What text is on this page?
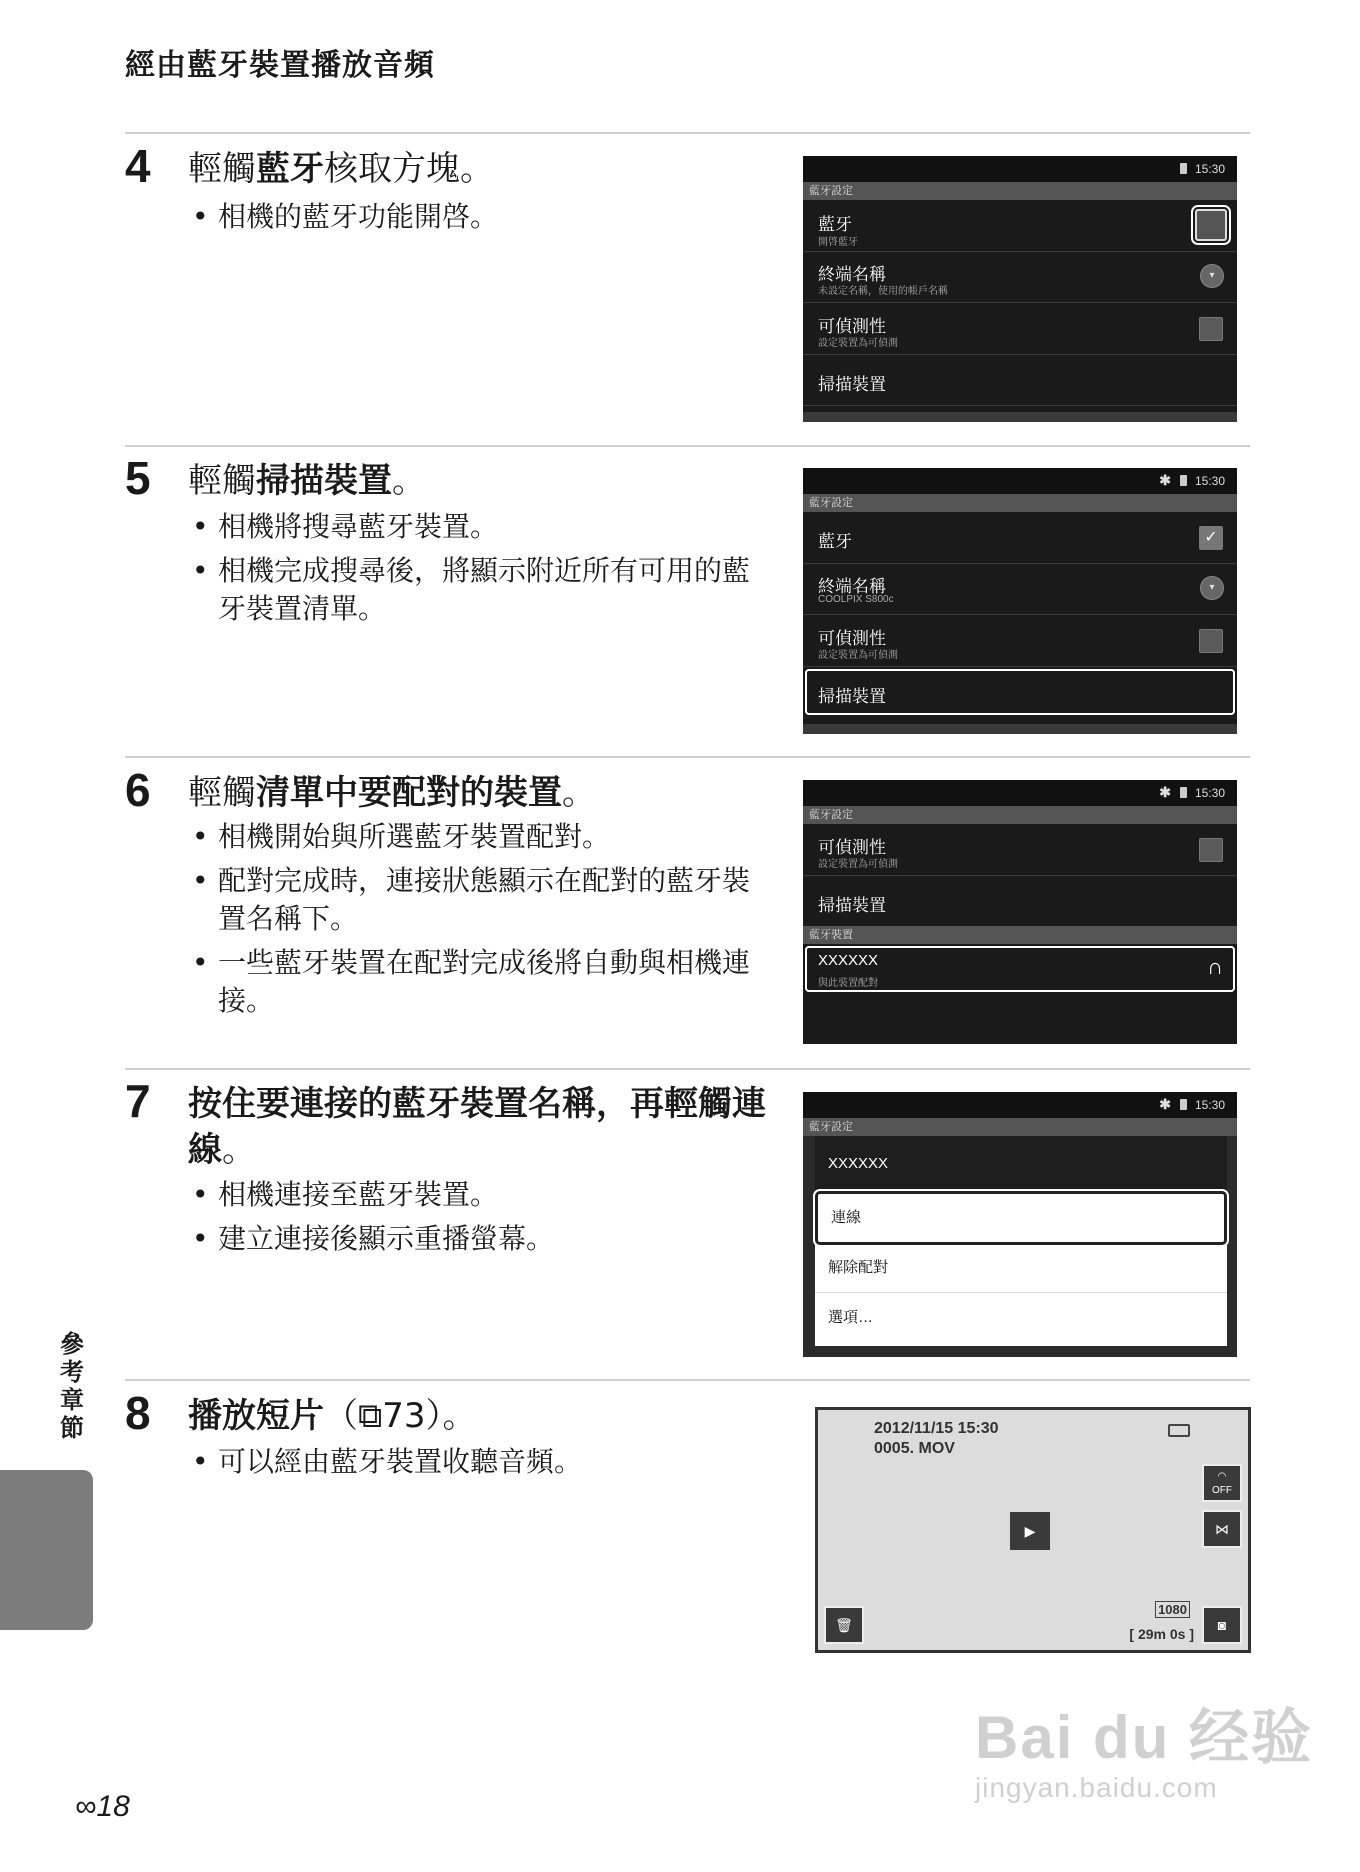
經由藍牙裝置播放音頻
4 輕觸藍牙核取方塊。
• 相機的藍牙功能開啓。
15:30
藍牙設定
藍牙
開啓藍牙
終端名稱
未設定名稱，使用的帳戶名稱
▾
可偵測性
設定裝置為可偵測
掃描裝置
5 輕觸掃描裝置。
• 相機將搜尋藍牙裝置。
• 相機完成搜尋後，將顯示附近所有可用的藍牙裝置清單。
✱ 15:30
藍牙設定
藍牙	✓
終端名稱
COOLPIX S800c
▾
可偵測性
設定裝置為可偵測
掃描裝置
6 輕觸清單中要配對的裝置。
• 相機開始與所選藍牙裝置配對。
• 配對完成時，連接狀態顯示在配對的藍牙裝置名稱下。
• 一些藍牙裝置在配對完成後將自動與相機連接。
✱ 15:30
藍牙設定
可偵測性
設定裝置為可偵測
掃描裝置
藍牙裝置
XXXXXX
與此裝置配對
∩
7 按住要連接的藍牙裝置名稱，再輕觸連線。
• 相機連接至藍牙裝置。
• 建立連接後顯示重播螢幕。
✱ 15:30
藍牙設定
XXXXXX
連線
解除配對
選項…
8 播放短片（⧉73）。
• 可以經由藍牙裝置收聽音頻。
2012/11/15 15:30
0005. MOV
◠
OFF
⋈
▶
🗑	◙
1080
[ 29m 0s ]
參考章節
∞18
Bai du 经验
jingyan.baidu.com
